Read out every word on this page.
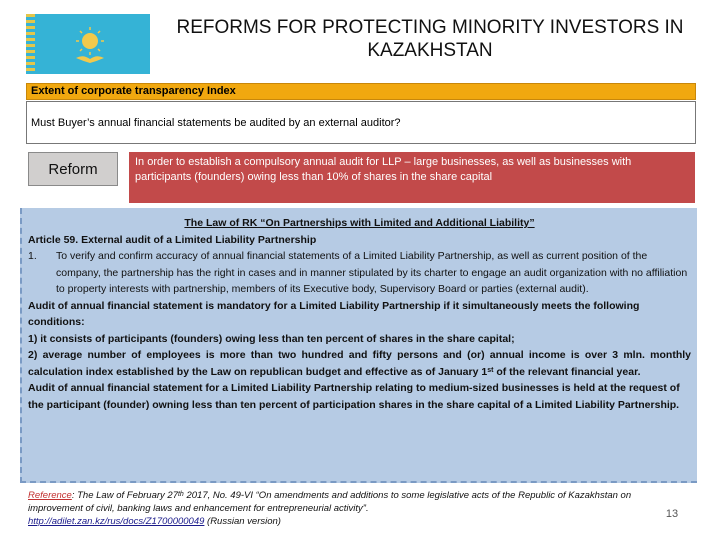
REFORMS FOR PROTECTING MINORITY INVESTORS IN KAZAKHSTAN
Extent of corporate transparency Index
Must Buyer’s annual financial statements be audited by an external auditor?
Reform	In order to establish a compulsory annual audit for LLP – large businesses, as well as businesses with participants (founders) owing less than 10% of shares in the share capital

The Law of RK “On Partnerships with Limited and Additional Liability”

Article 59. External audit of a Limited Liability Partnership

1.	To verify and confirm accuracy of annual financial statements of a Limited Liability Partnership, as well as current position of the company, the partnership has the right in cases and in manner stipulated by its charter to engage an audit organization with no affiliation to property interests with partnership, members of its Executive body, Supervisory Board or parties (external audit).

Audit of annual financial statement is mandatory for a Limited Liability Partnership if it simultaneously meets the following conditions:

1) it consists of participants (founders) owing less than ten percent of shares in the share capital;

2) average number of employees is more than two hundred and fifty persons and (or) annual income is over 3 mln. monthly calculation index established by the Law on republican budget and effective as of January 1st of the relevant financial year.

Audit of annual financial statement for a Limited Liability Partnership relating to medium-sized businesses is held at the request of the participant (founder) owning less than ten percent of participation shares in the share capital of a Limited Liability Partnership.

Reference: The Law of February 27th 2017, No. 49-VI “On amendments and additions to some legislative acts of the Republic of Kazakhstan on improvement of civil, banking laws and enhancement for entrepreneurial activity”.
http://adilet.zan.kz/rus/docs/Z1700000049 (Russian version)
13
